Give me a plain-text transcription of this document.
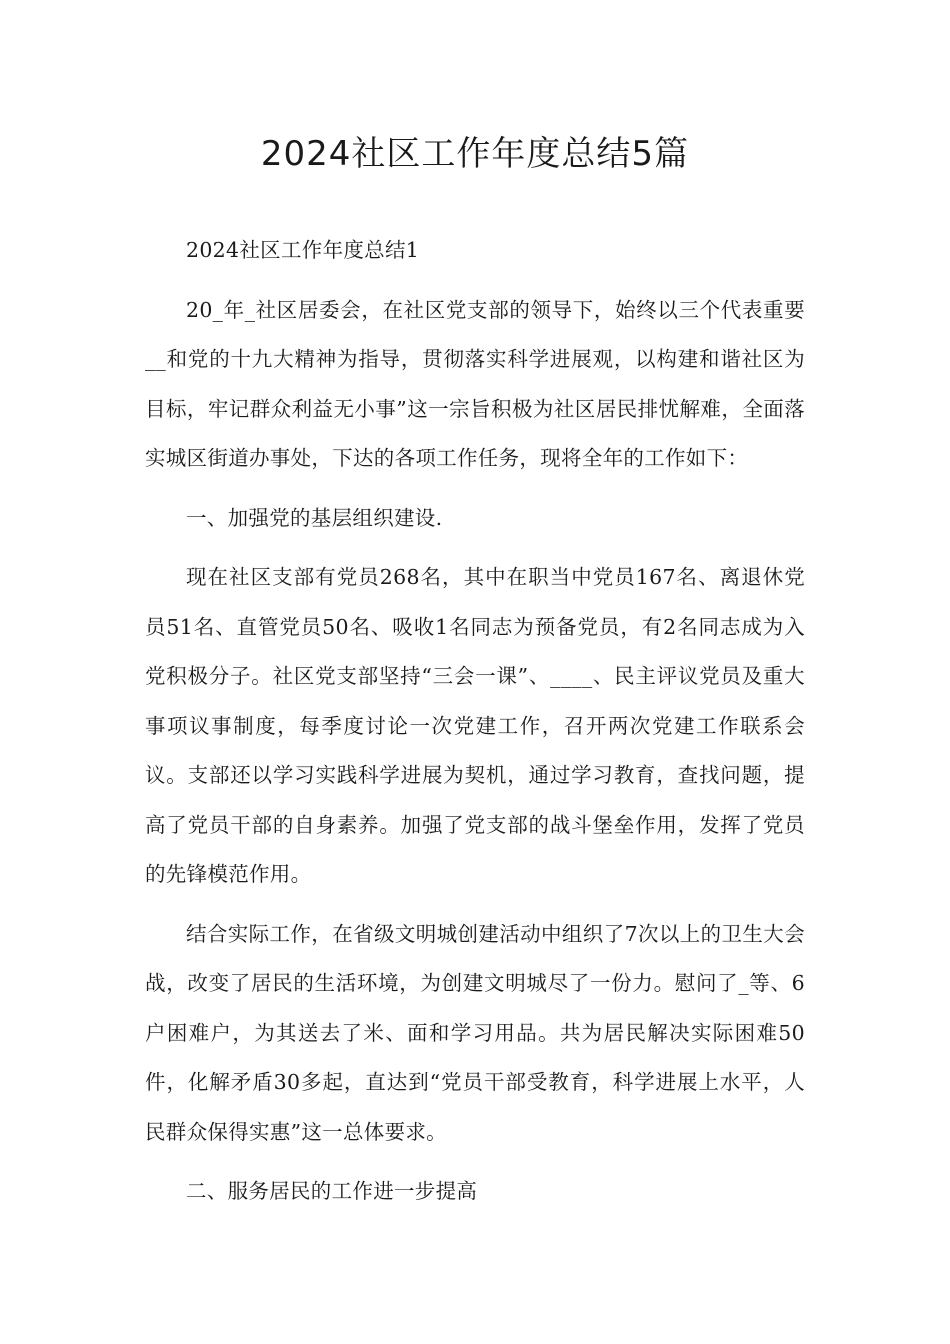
2024社区工作年度总结5篇

2024社区工作年度总结1

20_年_社区居委会，在社区党支部的领导下，始终以三个代表重要__和党的十九大精神为指导，贯彻落实科学进展观，以构建和谐社区为目标，牢记群众利益无小事”这一宗旨积极为社区居民排忧解难，全面落实城区街道办事处，下达的各项工作任务，现将全年的工作如下：

一、加强党的基层组织建设.

现在社区支部有党员268名，其中在职当中党员167名、离退休党员51名、直管党员50名、吸收1名同志为预备党员，有2名同志成为入党积极分子。社区党支部坚持“三会一课”、____、民主评议党员及重大事项议事制度，每季度讨论一次党建工作，召开两次党建工作联系会议。支部还以学习实践科学进展为契机，通过学习教育，查找问题，提高了党员干部的自身素养。加强了党支部的战斗堡垒作用，发挥了党员的先锋模范作用。

结合实际工作，在省级文明城创建活动中组织了7次以上的卫生大会战，改变了居民的生活环境，为创建文明城尽了一份力。慰问了_等、6户困难户，为其送去了米、面和学习用品。共为居民解决实际困难50件，化解矛盾30多起，直达到“党员干部受教育，科学进展上水平，人民群众保得实惠”这一总体要求。

二、服务居民的工作进一步提高
